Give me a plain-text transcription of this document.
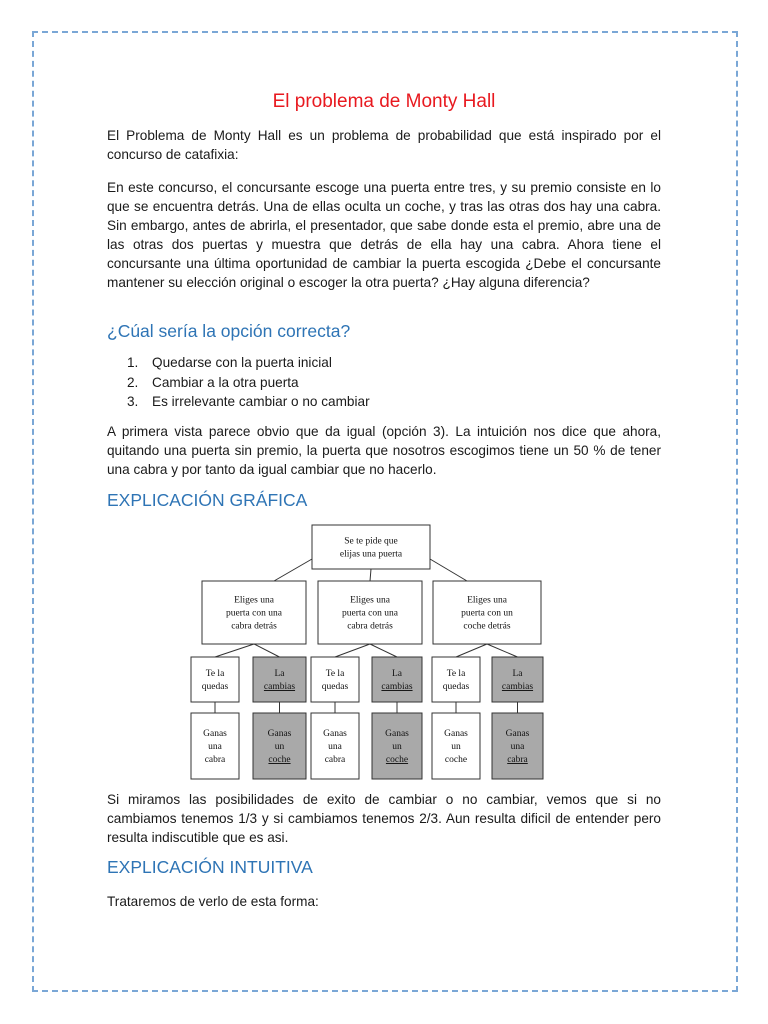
El problema de Monty Hall

El Problema de Monty Hall es un problema de probabilidad que está inspirado por el concurso de catafixia:

En este concurso, el concursante escoge una puerta entre tres, y su premio consiste en lo que se encuentra detrás. Una de ellas oculta un coche, y tras las otras dos hay una cabra. Sin embargo, antes de abrirla, el presentador, que sabe donde esta el premio, abre una de las otras dos puertas y muestra que detrás de ella hay una cabra. Ahora tiene el concursante una última oportunidad de cambiar la puerta escogida ¿Debe el concursante mantener su elección original o escoger la otra puerta? ¿Hay alguna diferencia?

¿Cúal sería la opción correcta?
1.	Quedarse con la puerta inicial
2.	Cambiar a la otra puerta
3.	Es irrelevante cambiar o no cambiar

A primera vista parece obvio que da igual (opción 3). La intuición nos dice que ahora, quitando una puerta sin premio, la puerta que nosotros escogimos tiene un 50 % de tener una cabra y por tanto da igual cambiar que no hacerlo.

EXPLICACIÓN GRÁFICA
Se te pide que
elijas una puerta
Eliges una
puerta con una
cabra detrás
Eliges una
puerta con una
cabra detrás
Eliges una
puerta con un
coche detrás
Te la
quedas
La
cambias
Te la
quedas
La
cambias
Te la
quedas
La
cambias
Ganas
una
cabra
Ganas
un
coche
Ganas
una
cabra
Ganas
un
coche
Ganas
un
coche
Ganas
una
cabra

Si miramos las posibilidades de exito de cambiar o no cambiar, vemos que si no cambiamos tenemos 1/3 y si cambiamos tenemos 2/3. Aun resulta dificil de entender pero resulta indiscutible que es asi.

EXPLICACIÓN INTUITIVA

Trataremos de verlo de esta forma:
